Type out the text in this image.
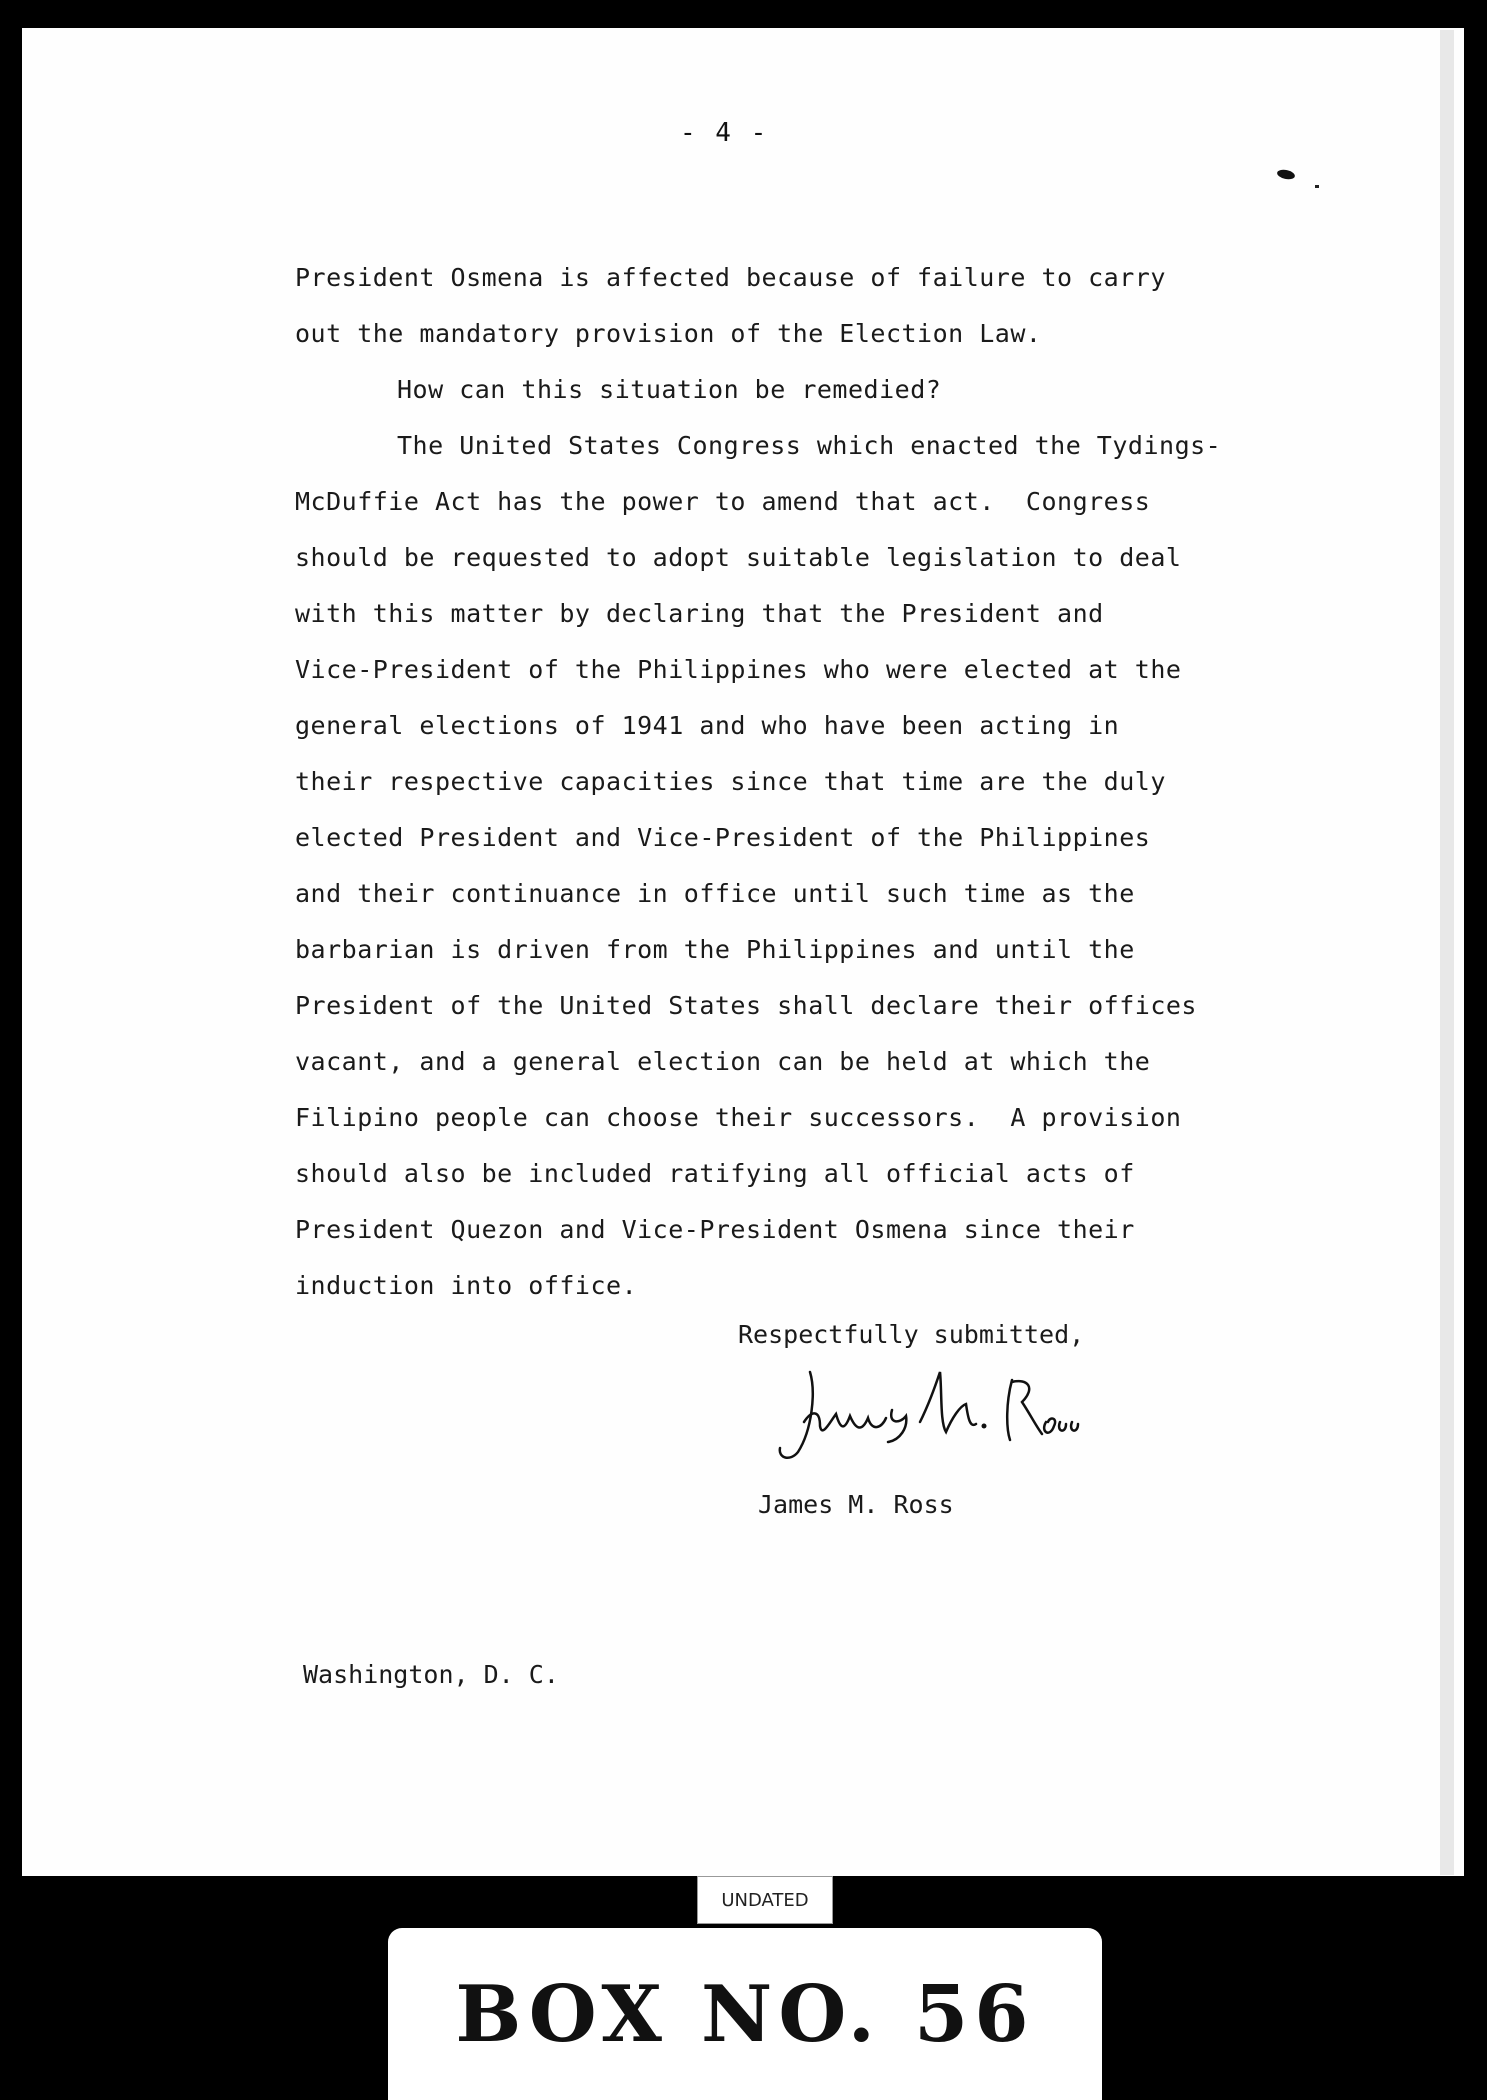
- 4 -
President Osmena is affected because of failure to carry
out the mandatory provision of the Election Law.
How can this situation be remedied?
The United States Congress which enacted the Tydings-
McDuffie Act has the power to amend that act.  Congress
should be requested to adopt suitable legislation to deal
with this matter by declaring that the President and
Vice-President of the Philippines who were elected at the
general elections of 1941 and who have been acting in
their respective capacities since that time are the duly
elected President and Vice-President of the Philippines
and their continuance in office until such time as the
barbarian is driven from the Philippines and until the
President of the United States shall declare their offices
vacant, and a general election can be held at which the
Filipino people can choose their successors.  A provision
should also be included ratifying all official acts of
President Quezon and Vice-President Osmena since their
induction into office.
Respectfully submitted,
James M. Ross
Washington, D. C.
UNDATED
BOX NO. 56
